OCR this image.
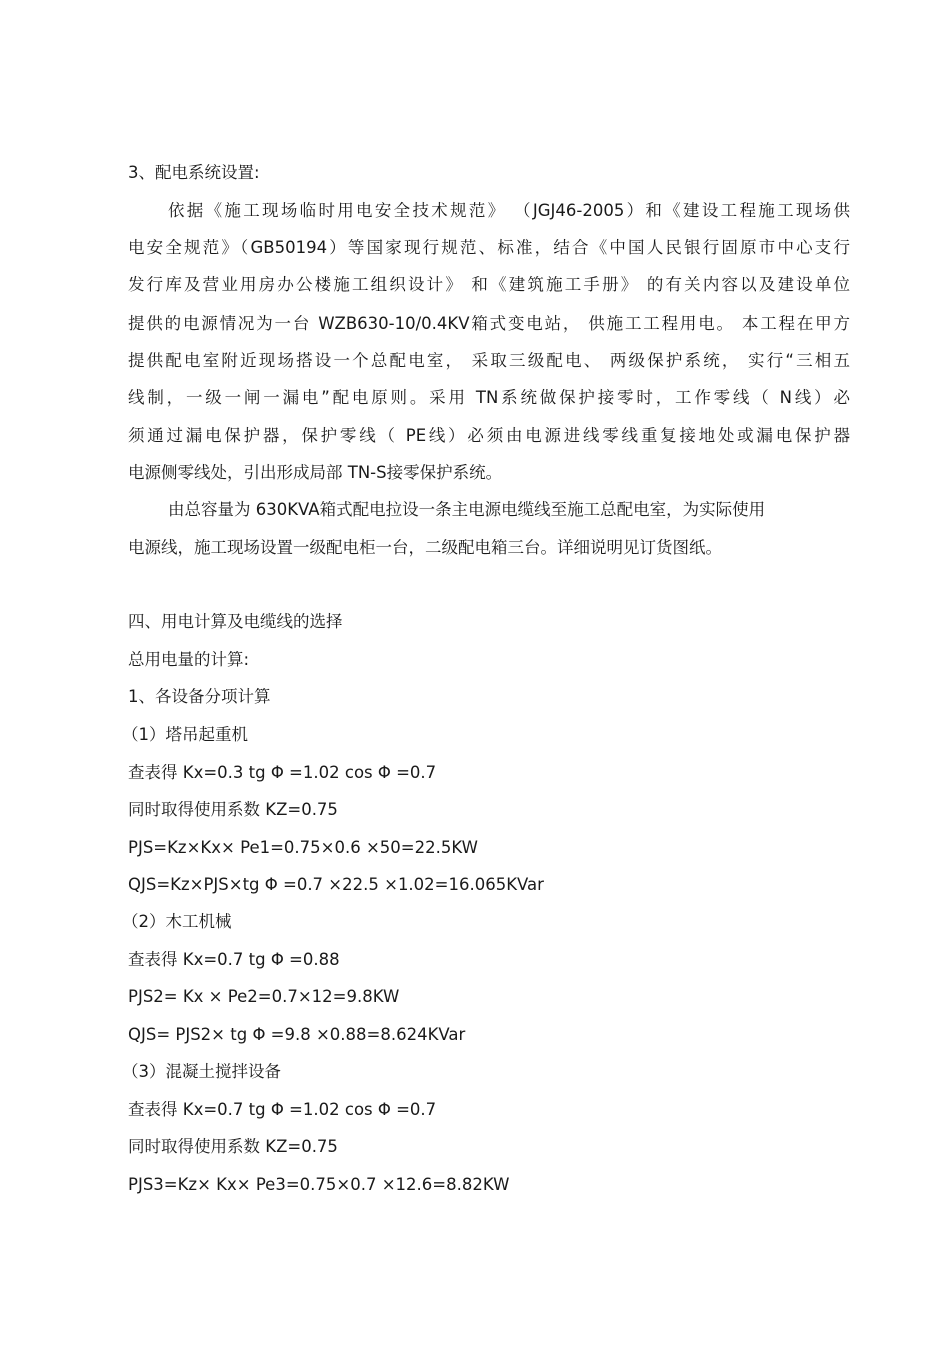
3、配电系统设置:
依据《施工现场临时用电安全技术规范》 （JGJ46-2005）和《建设工程施工现场供
电安全规范》（GB50194）等国家现行规范、标准，结合《中国人民银行固原市中心支行
发行库及营业用房办公楼施工组织设计》 和《建筑施工手册》 的有关内容以及建设单位
提供的电源情况为一台 WZB630-10/0.4KV箱式变电站， 供施工工程用电。 本工程在甲方
提供配电室附近现场搭设一个总配电室， 采取三级配电、 两级保护系统， 实行“三相五
线制，一级一闸一漏电”配电原则。采用 TN系统做保护接零时，工作零线（ N线）必
须通过漏电保护器，保护零线（ PE线）必须由电源进线零线重复接地处或漏电保护器
电源侧零线处，引出形成局部 TN-S接零保护系统。
由总容量为 630KVA箱式配电拉设一条主电源电缆线至施工总配电室，为实际使用
电源线，施工现场设置一级配电柜一台，二级配电箱三台。详细说明见订货图纸。
四、用电计算及电缆线的选择
总用电量的计算:
1、各设备分项计算
（1）塔吊起重机
查表得 Kx=0.3 tg Φ =1.02 cos Φ =0.7
同时取得使用系数 KZ=0.75
PJS=Kz×Kx× Pe1=0.75×0.6 ×50=22.5KW
QJS=Kz×PJS×tg Φ =0.7 ×22.5 ×1.02=16.065KVar
（2）木工机械
查表得 Kx=0.7 tg Φ =0.88
PJS2= Kx × Pe2=0.7×12=9.8KW
QJS= PJS2× tg Φ =9.8 ×0.88=8.624KVar
（3）混凝土搅拌设备
查表得 Kx=0.7 tg Φ =1.02 cos Φ =0.7
同时取得使用系数 KZ=0.75
PJS3=Kz× Kx× Pe3=0.75×0.7 ×12.6=8.82KW
